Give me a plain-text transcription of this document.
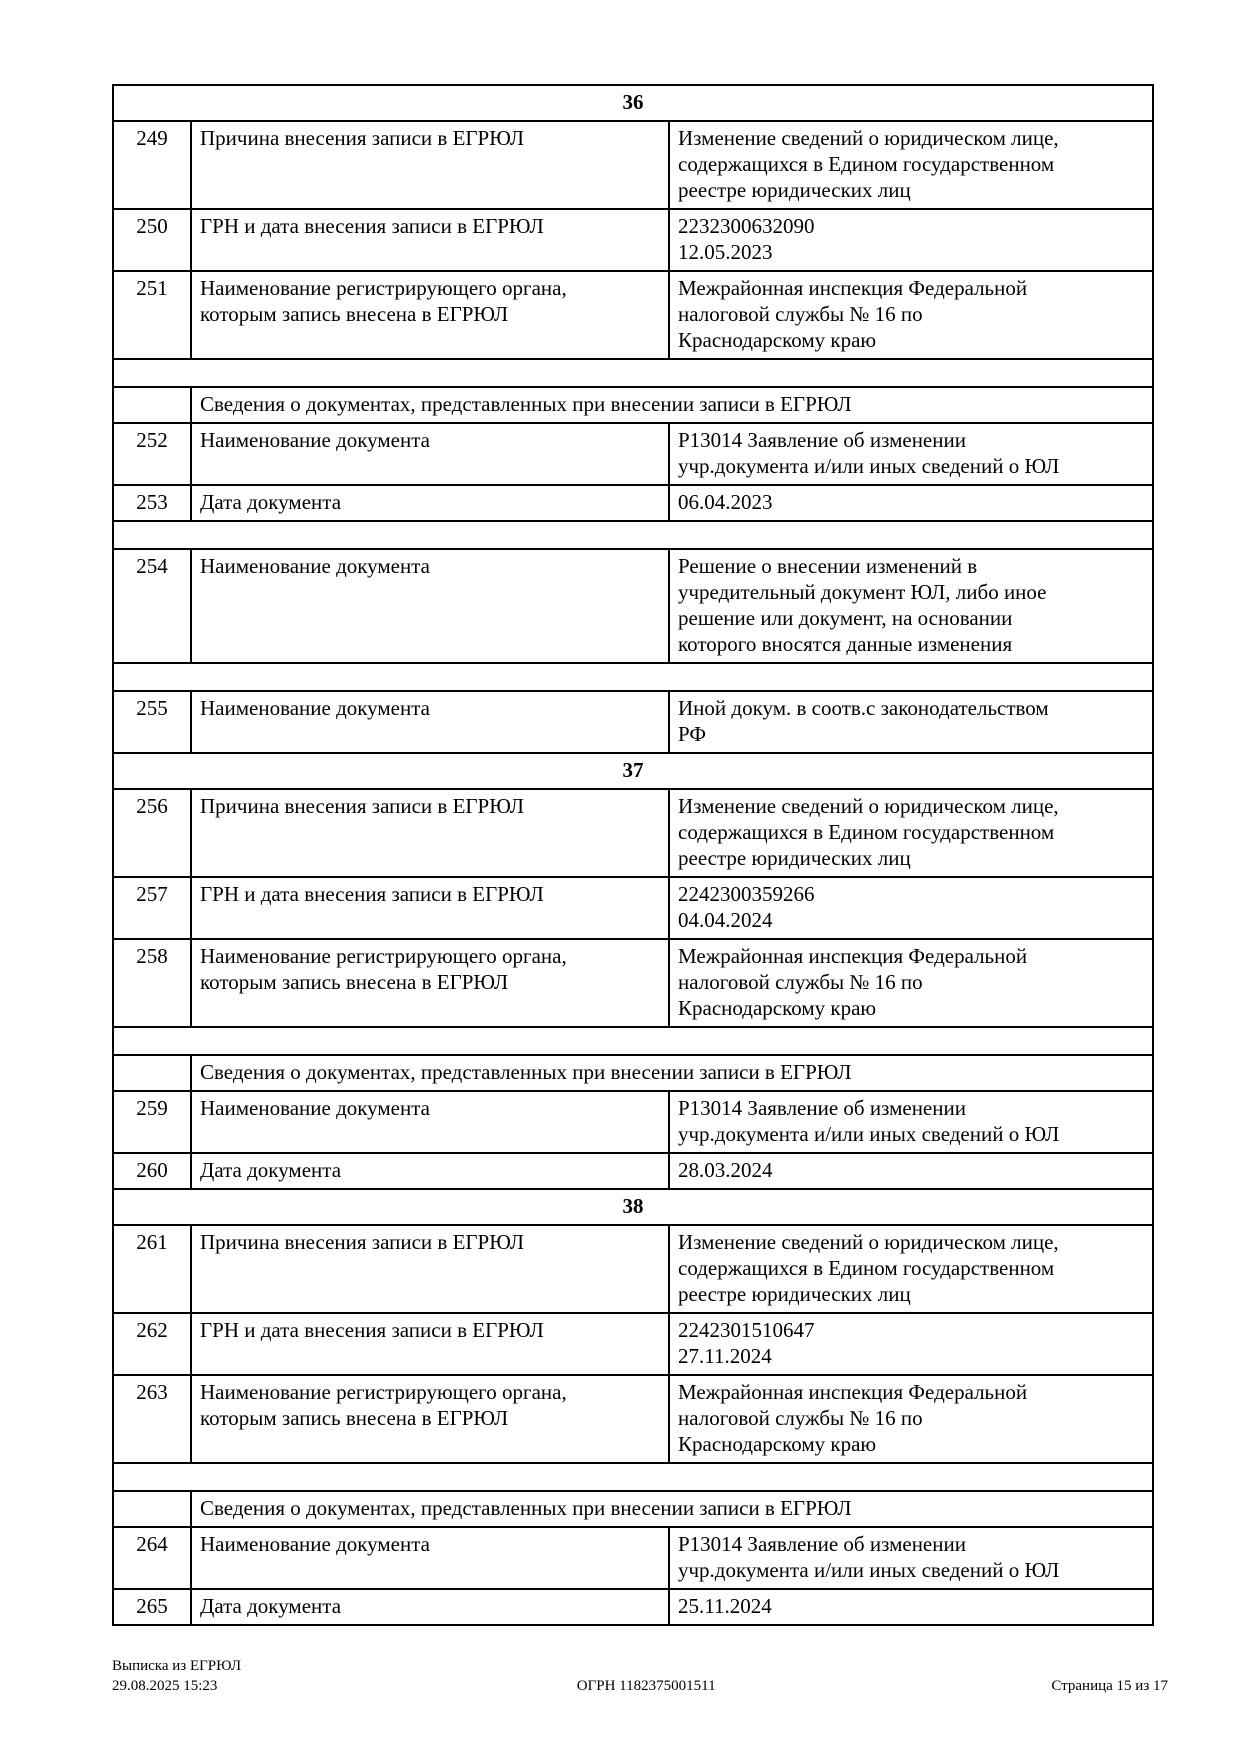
36		
249	Причина внесения записи в ЕГРЮЛ	Изменение сведений о юридическом лице,
содержащихся в Едином государственном
реестре юридических лиц
250	ГРН и дата внесения записи в ЕГРЮЛ	2232300632090
12.05.2023
251	Наименование регистрирующего органа,
которым запись внесена в ЕГРЮЛ	Межрайонная инспекция Федеральной
налоговой службы № 16 по
Краснодарскому краю

	Сведения о документах, представленных при внесении записи в ЕГРЮЛ	
252	Наименование документа	Р13014 Заявление об изменении
учр.документа и/или иных сведений о ЮЛ
253	Дата документа	06.04.2023

254	Наименование документа	Решение о внесении изменений в
учредительный документ ЮЛ, либо иное
решение или документ, на основании
которого вносятся данные изменения

255	Наименование документа	Иной докум. в соотв.с законодательством
РФ
37		
256	Причина внесения записи в ЕГРЮЛ	Изменение сведений о юридическом лице,
содержащихся в Едином государственном
реестре юридических лиц
257	ГРН и дата внесения записи в ЕГРЮЛ	2242300359266
04.04.2024
258	Наименование регистрирующего органа,
которым запись внесена в ЕГРЮЛ	Межрайонная инспекция Федеральной
налоговой службы № 16 по
Краснодарскому краю

	Сведения о документах, представленных при внесении записи в ЕГРЮЛ	
259	Наименование документа	Р13014 Заявление об изменении
учр.документа и/или иных сведений о ЮЛ
260	Дата документа	28.03.2024
38		
261	Причина внесения записи в ЕГРЮЛ	Изменение сведений о юридическом лице,
содержащихся в Едином государственном
реестре юридических лиц
262	ГРН и дата внесения записи в ЕГРЮЛ	2242301510647
27.11.2024
263	Наименование регистрирующего органа,
которым запись внесена в ЕГРЮЛ	Межрайонная инспекция Федеральной
налоговой службы № 16 по
Краснодарскому краю

	Сведения о документах, представленных при внесении записи в ЕГРЮЛ	
264	Наименование документа	Р13014 Заявление об изменении
учр.документа и/или иных сведений о ЮЛ
265	Дата документа	25.11.2024
Выписка из ЕГРЮЛ
29.08.2025 15:23	ОГРН 1182375001511	Страница 15 из 17
